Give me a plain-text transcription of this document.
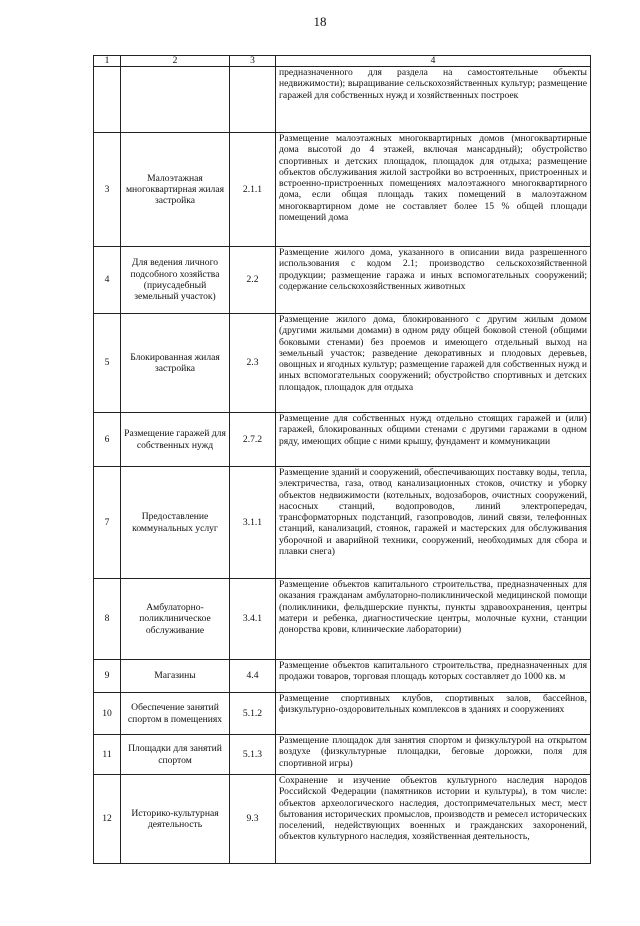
18
1	2	3	4
			предназначенного для раздела на самостоятельные объекты недвижимости); выращивание сельскохозяйственных культур; размещение гаражей для собственных нужд и хозяйственных построек
3	Малоэтажная многоквартирная жилая застройка	2.1.1	Размещение малоэтажных многоквартирных домов (многоквартирные дома высотой до 4 этажей, включая мансардный); обустройство спортивных и детских площадок, площадок для отдыха; размещение объектов обслуживания жилой застройки во встроенных, пристроенных и встроенно-пристроенных помещениях малоэтажного многоквартирного дома, если общая площадь таких помещений в малоэтажном многоквартирном доме не составляет более 15 % общей площади помещений дома
4	Для ведения личного подсобного хозяйства (приусадебный земельный участок)	2.2	Размещение жилого дома, указанного в описании вида разрешенного использования с кодом 2.1; производство сельскохозяйственной продукции; размещение гаража и иных вспомогательных сооружений; содержание сельскохозяйственных животных
5	Блокированная жилая застройка	2.3	Размещение жилого дома, блокированного с другим жилым домом (другими жилыми домами) в одном ряду общей боковой стеной (общими боковыми стенами) без проемов и имеющего отдельный выход на земельный участок; разведение декоративных и плодовых деревьев, овощных и ягодных культур; размещение гаражей для собственных нужд и иных вспомогательных сооружений; обустройство спортивных и детских площадок, площадок для отдыха
6	Размещение гаражей для собственных нужд	2.7.2	Размещение для собственных нужд отдельно стоящих гаражей и (или) гаражей, блокированных общими стенами с другими гаражами в одном ряду, имеющих общие с ними крышу, фундамент и коммуникации
7	Предоставление коммунальных услуг	3.1.1	Размещение зданий и сооружений, обеспечивающих поставку воды, тепла, электричества, газа, отвод канализационных стоков, очистку и уборку объектов недвижимости (котельных, водозаборов, очистных сооружений, насосных станций, водопроводов, линий электропередач, трансформаторных подстанций, газопроводов, линий связи, телефонных станций, канализаций, стоянок, гаражей и мастерских для обслуживания уборочной и аварийной техники, сооружений, необходимых для сбора и плавки снега)
8	Амбулаторно-поликлиническое обслуживание	3.4.1	Размещение объектов капитального строительства, предназначенных для оказания гражданам амбулаторно-поликлинической медицинской помощи (поликлиники, фельдшерские пункты, пункты здравоохранения, центры матери и ребенка, диагностические центры, молочные кухни, станции донорства крови, клинические лаборатории)
9	Магазины	4.4	Размещение объектов капитального строительства, предназначенных для продажи товаров, торговая площадь которых составляет до 1000 кв. м
10	Обеспечение занятий спортом в помещениях	5.1.2	Размещение спортивных клубов, спортивных залов, бассейнов, физкультурно-оздоровительных комплексов в зданиях и сооружениях
11	Площадки для занятий спортом	5.1.3	Размещение площадок для занятия спортом и физкультурой на открытом воздухе (физкультурные площадки, беговые дорожки, поля для спортивной игры)
12	Историко-культурная деятельность	9.3	Сохранение и изучение объектов культурного наследия народов Российской Федерации (памятников истории и культуры), в том числе: объектов археологического наследия, достопримечательных мест, мест бытования исторических промыслов, производств и ремесел исторических поселений, недействующих военных и гражданских захоронений, объектов культурного наследия, хозяйственная деятельность,
